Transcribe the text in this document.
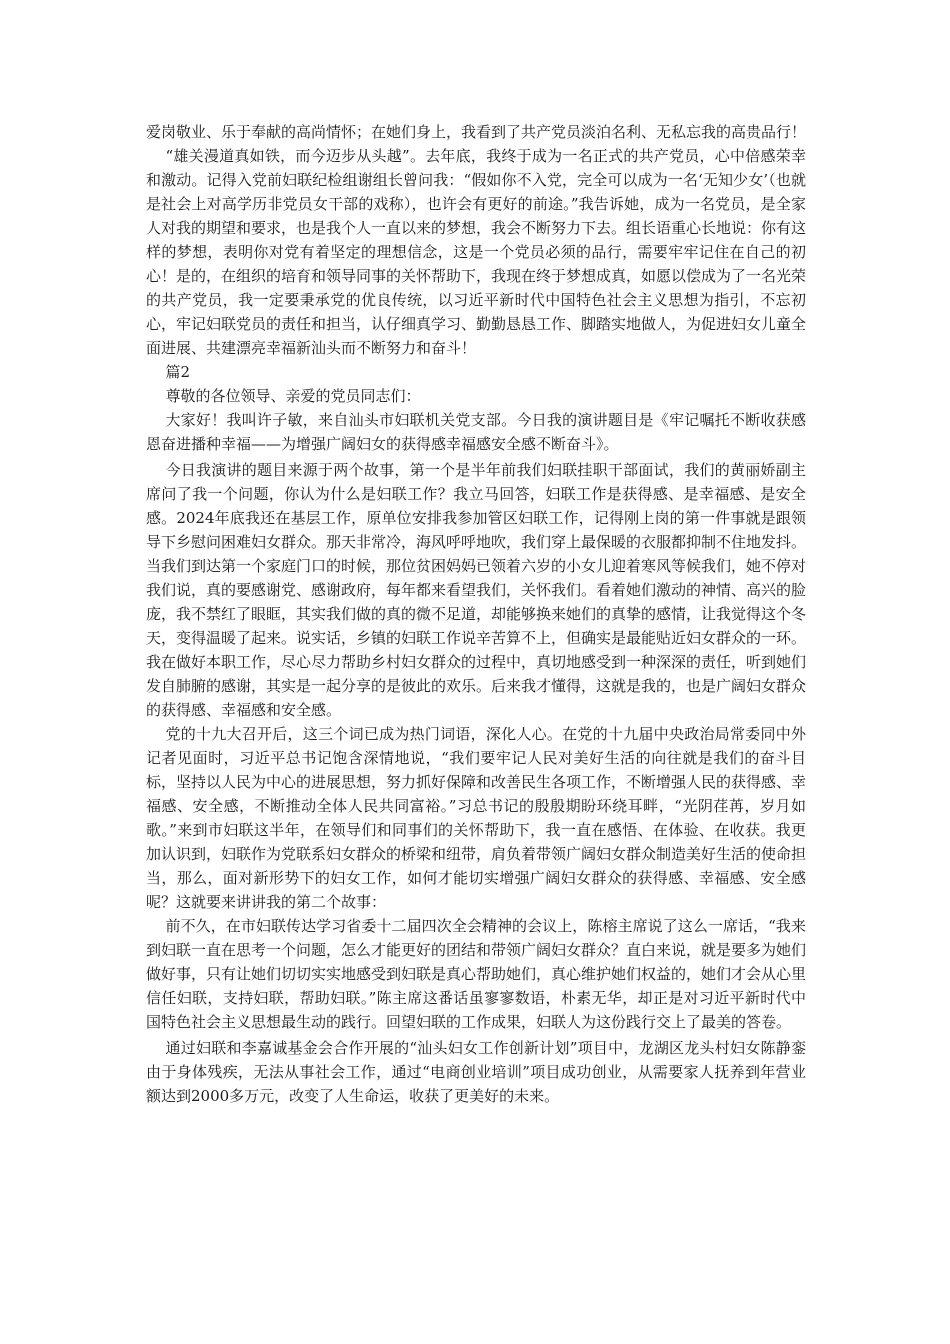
爱岗敬业、乐于奉献的高尚情怀；在她们身上，我看到了共产党员淡泊名利、无私忘我的高贵品行！

“雄关漫道真如铁，而今迈步从头越”。去年底，我终于成为一名正式的共产党员，心中倍感荣幸和激动。记得入党前妇联纪检组谢组长曾问我：“假如你不入党，完全可以成为一名‘无知少女’（也就是社会上对高学历非党员女干部的戏称），也许会有更好的前途。”我告诉她，成为一名党员，是全家人对我的期望和要求，也是我个人一直以来的梦想，我会不断努力下去。组长语重心长地说：你有这样的梦想，表明你对党有着坚定的理想信念，这是一个党员必须的品行，需要牢牢记住在自己的初心！是的，在组织的培育和领导同事的关怀帮助下，我现在终于梦想成真，如愿以偿成为了一名光荣的共产党员，我一定要秉承党的优良传统，以习近平新时代中国特色社会主义思想为指引，不忘初心，牢记妇联党员的责任和担当，认仔细真学习、勤勤恳恳工作、脚踏实地做人，为促进妇女儿童全面进展、共建漂亮幸福新汕头而不断努力和奋斗！

篇2

尊敬的各位领导、亲爱的党员同志们：

大家好！我叫许子敏，来自汕头市妇联机关党支部。今日我的演讲题目是《牢记嘱托不断收获感恩奋进播种幸福——为增强广阔妇女的获得感幸福感安全感不断奋斗》。

今日我演讲的题目来源于两个故事，第一个是半年前我们妇联挂职干部面试，我们的黄丽娇副主席问了我一个问题，你认为什么是妇联工作？我立马回答，妇联工作是获得感、是幸福感、是安全感。2024年底我还在基层工作，原单位安排我参加管区妇联工作，记得刚上岗的第一件事就是跟领导下乡慰问困难妇女群众。那天非常冷，海风呼呼地吹，我们穿上最保暖的衣服都抑制不住地发抖。当我们到达第一个家庭门口的时候，那位贫困妈妈已领着六岁的小女儿迎着寒风等候我们，她不停对我们说，真的要感谢党、感谢政府，每年都来看望我们，关怀我们。看着她们激动的神情、高兴的脸庞，我不禁红了眼眶，其实我们做的真的微不足道，却能够换来她们的真挚的感情，让我觉得这个冬天，变得温暖了起来。说实话，乡镇的妇联工作说辛苦算不上，但确实是最能贴近妇女群众的一环。我在做好本职工作，尽心尽力帮助乡村妇女群众的过程中，真切地感受到一种深深的责任，听到她们发自肺腑的感谢，其实是一起分享的是彼此的欢乐。后来我才懂得，这就是我的，也是广阔妇女群众的获得感、幸福感和安全感。

党的十九大召开后，这三个词已成为热门词语，深化人心。在党的十九届中央政治局常委同中外记者见面时，习近平总书记饱含深情地说，“我们要牢记人民对美好生活的向往就是我们的奋斗目标，坚持以人民为中心的进展思想，努力抓好保障和改善民生各项工作，不断增强人民的获得感、幸福感、安全感，不断推动全体人民共同富裕。”习总书记的殷殷期盼环绕耳畔，“光阴荏苒，岁月如歌。”来到市妇联这半年，在领导们和同事们的关怀帮助下，我一直在感悟、在体验、在收获。我更加认识到，妇联作为党联系妇女群众的桥梁和纽带，肩负着带领广阔妇女群众制造美好生活的使命担当，那么，面对新形势下的妇女工作，如何才能切实增强广阔妇女群众的获得感、幸福感、安全感呢？这就要来讲讲我的第二个故事：

前不久，在市妇联传达学习省委十二届四次全会精神的会议上，陈榕主席说了这么一席话，“我来到妇联一直在思考一个问题，怎么才能更好的团结和带领广阔妇女群众？直白来说，就是要多为她们做好事，只有让她们切切实实地感受到妇联是真心帮助她们，真心维护她们权益的，她们才会从心里信任妇联，支持妇联，帮助妇联。”陈主席这番话虽寥寥数语，朴素无华，却正是对习近平新时代中国特色社会主义思想最生动的践行。回望妇联的工作成果，妇联人为这份践行交上了最美的答卷。

通过妇联和李嘉诚基金会合作开展的“汕头妇女工作创新计划”项目中，龙湖区龙头村妇女陈静銮由于身体残疾，无法从事社会工作，通过“电商创业培训”项目成功创业，从需要家人抚养到年营业额达到2000多万元，改变了人生命运，收获了更美好的未来。
